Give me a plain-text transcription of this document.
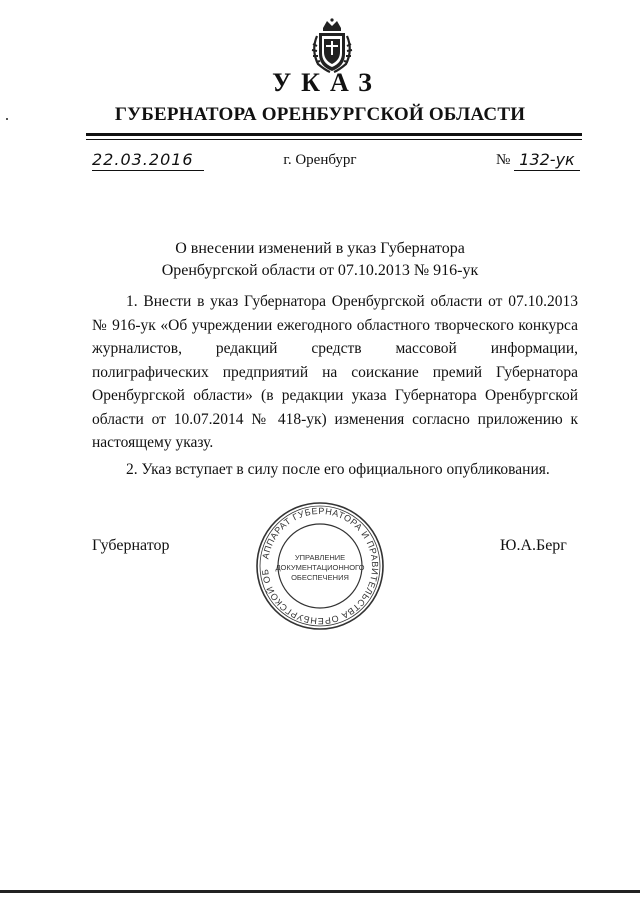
УКАЗ
ГУБЕРНАТОРА ОРЕНБУРГСКОЙ ОБЛАСТИ
22.03.2016	г. Оренбург	№ 132-ук
О внесении изменений в указ Губернатора
Оренбургской области от 07.10.2013 № 916-ук
1. Внести в указ Губернатора Оренбургской области от 07.10.2013 № 916-ук «Об учреждении ежегодного областного творческого конкурса журналистов, редакций средств массовой информации, полиграфических предприятий на соискание премий Губернатора Оренбургской области» (в редакции указа Губернатора Оренбургской области от 10.07.2014 № 418-ук) изменения согласно приложению к настоящему указу.
2. Указ вступает в силу после его официального опубликования.
Губернатор	Ю.А.Берг
АППАРАТ ГУБЕРНАТОРА И ПРАВИТЕЛЬСТВА ОРЕНБУРГСКОЙ ОБ
УПРАВЛЕНИЕ
ДОКУМЕНТАЦИОННОГО
ОБЕСПЕЧЕНИЯ
